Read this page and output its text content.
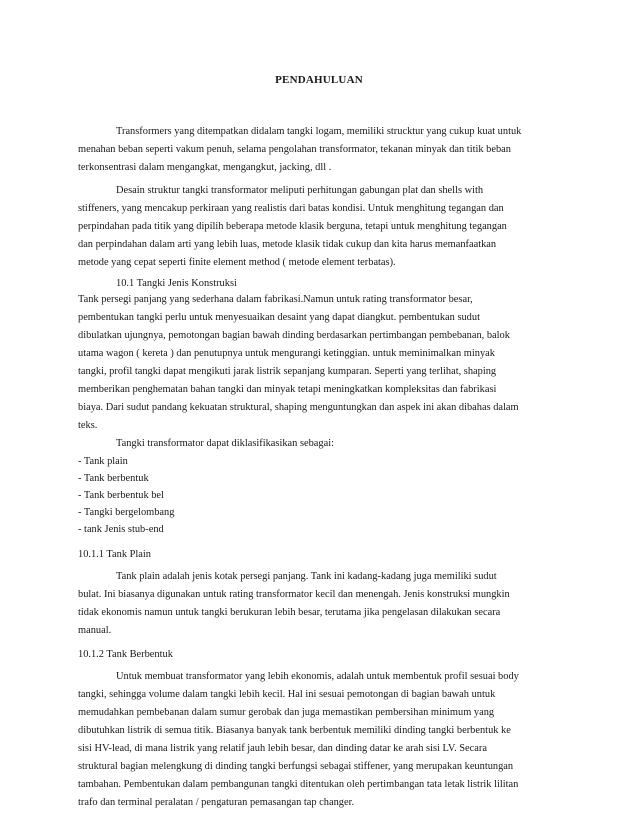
PENDAHULUAN
Transformers yang ditempatkan didalam tangki logam, memiliki strucktur yang cukup kuat untuk
menahan beban seperti vakum penuh, selama pengolahan transformator, tekanan minyak dan titik beban
terkonsentrasi dalam mengangkat, mengangkut, jacking, dll .
Desain struktur tangki transformator meliputi perhitungan gabungan plat dan shells with
stiffeners, yang mencakup perkiraan yang realistis dari batas kondisi. Untuk menghitung tegangan dan
perpindahan pada titik yang dipilih beberapa metode klasik berguna, tetapi untuk menghitung tegangan
dan perpindahan dalam arti yang lebih luas, metode klasik tidak cukup dan kita harus memanfaatkan
metode yang cepat seperti finite element method ( metode element terbatas).
10.1 Tangki Jenis Konstruksi
Tank persegi panjang yang sederhana dalam fabrikasi.Namun untuk rating transformator besar,
pembentukan tangki perlu untuk menyesuaikan desaint yang dapat diangkut. pembentukan sudut
dibulatkan ujungnya, pemotongan bagian bawah dinding berdasarkan pertimbangan pembebanan, balok
utama wagon ( kereta ) dan penutupnya untuk mengurangi ketinggian. untuk meminimalkan minyak
tangki, profil tangki dapat mengikuti jarak listrik sepanjang kumparan. Seperti yang terlihat, shaping
memberikan penghematan bahan tangki dan minyak tetapi meningkatkan kompleksitas dan fabrikasi
biaya. Dari sudut pandang kekuatan struktural, shaping menguntungkan dan aspek ini akan dibahas dalam
teks.
Tangki transformator dapat diklasifikasikan sebagai:
- Tank plain
- Tank berbentuk
- Tank berbentuk bel
- Tangki bergelombang
- tank Jenis stub-end
10.1.1 Tank Plain
Tank plain adalah jenis kotak persegi panjang. Tank ini kadang-kadang juga memiliki sudut
bulat. Ini biasanya digunakan untuk rating transformator kecil dan menengah. Jenis konstruksi mungkin
tidak ekonomis namun untuk tangki berukuran lebih besar, terutama jika pengelasan dilakukan secara
manual.
10.1.2 Tank Berbentuk
Untuk membuat transformator yang lebih ekonomis, adalah untuk membentuk profil sesuai body
tangki, sehingga volume dalam tangki lebih kecil. Hal ini sesuai pemotongan di bagian bawah untuk
memudahkan pembebanan dalam sumur gerobak dan juga memastikan pembersihan minimum yang
dibutuhkan listrik di semua titik. Biasanya banyak tank berbentuk memiliki dinding tangki berbentuk ke
sisi HV-lead, di mana listrik yang relatif jauh lebih besar, dan dinding datar ke arah sisi LV. Secara
struktural bagian melengkung di dinding tangki berfungsi sebagai stiffener, yang merupakan keuntungan
tambahan. Pembentukan dalam pembangunan tangki ditentukan oleh pertimbangan tata letak listrik lilitan
trafo dan terminal peralatan / pengaturan pemasangan tap changer.
